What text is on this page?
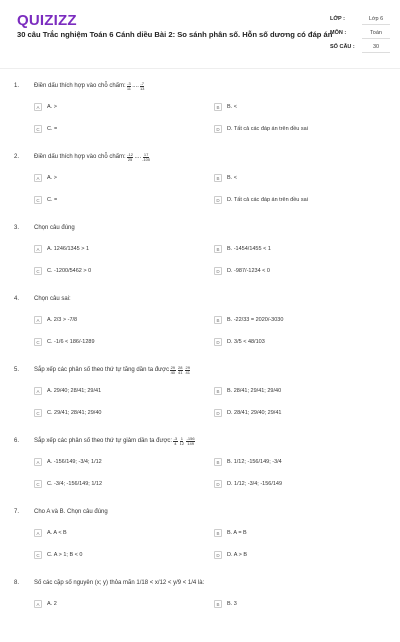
QUIZIZZ
30 câu Trắc nghiệm Toán 6 Cánh diều Bài 2: So sánh phân số. Hỗn số dương có đáp án
LỚP :	Lớp 6
MÔN :	Toán
SỐ CÂU :	30
1.	Điền dấu thích hợp vào chỗ chấm: $\frac{-3}{11}$ .... $\frac{-7}{13}$
A	A. >	B	B. <
C	C. =	D	D. Tất cả các đáp án trên đều sai
2.	Điền dấu thích hợp vào chỗ chấm: $\frac{-12}{25}$ .... $\frac{17}{-100}$
A	A. >	B	B. <
C	C. =	D	D. Tất cả các đáp án trên đều sai
3.	Chọn câu đúng
A	A. 1246/1345 > 1	B	B. -1454/1455 < 1
C	C. -1200/5462 > 0	D	D. -987/-1234 < 0
4.	Chọn câu sai:
A	A. 2/3 > -7/8	B	B. -22/33 = 2020/-3030
C	C. -1/6 < 186/-1289	D	D. 3/5 < 48/103
5.	Sắp xếp các phân số theo thứ tự tăng dần ta được $\frac{29}{40} \frac{28}{41} \frac{29}{41}$
A	A. 29/40; 28/41; 29/41	B	B. 28/41; 29/41; 29/40
C	C. 29/41; 28/41; 29/40	D	D. 28/41; 29/40; 29/41
6.	Sắp xếp các phân số theo thứ tự giảm dần ta được: $\frac{-3}{4} \frac{1}{12} \frac{-156}{149}$
A	A. -156/149; -3/4; 1/12	B	B. 1/12; -156/149; -3/4
C	C. -3/4; -156/149; 1/12	D	D. 1/12; -3/4; -156/149
7.	Cho A và B. Chọn câu đúng
A	A. A < B	B	B. A = B
C	C. A > 1; B < 0	D	D. A > B
8.	Số các cặp số nguyên (x; y) thỏa mãn 1/18 < x/12 < y/9 < 1/4 là:
A	A. 2	B	B. 3
